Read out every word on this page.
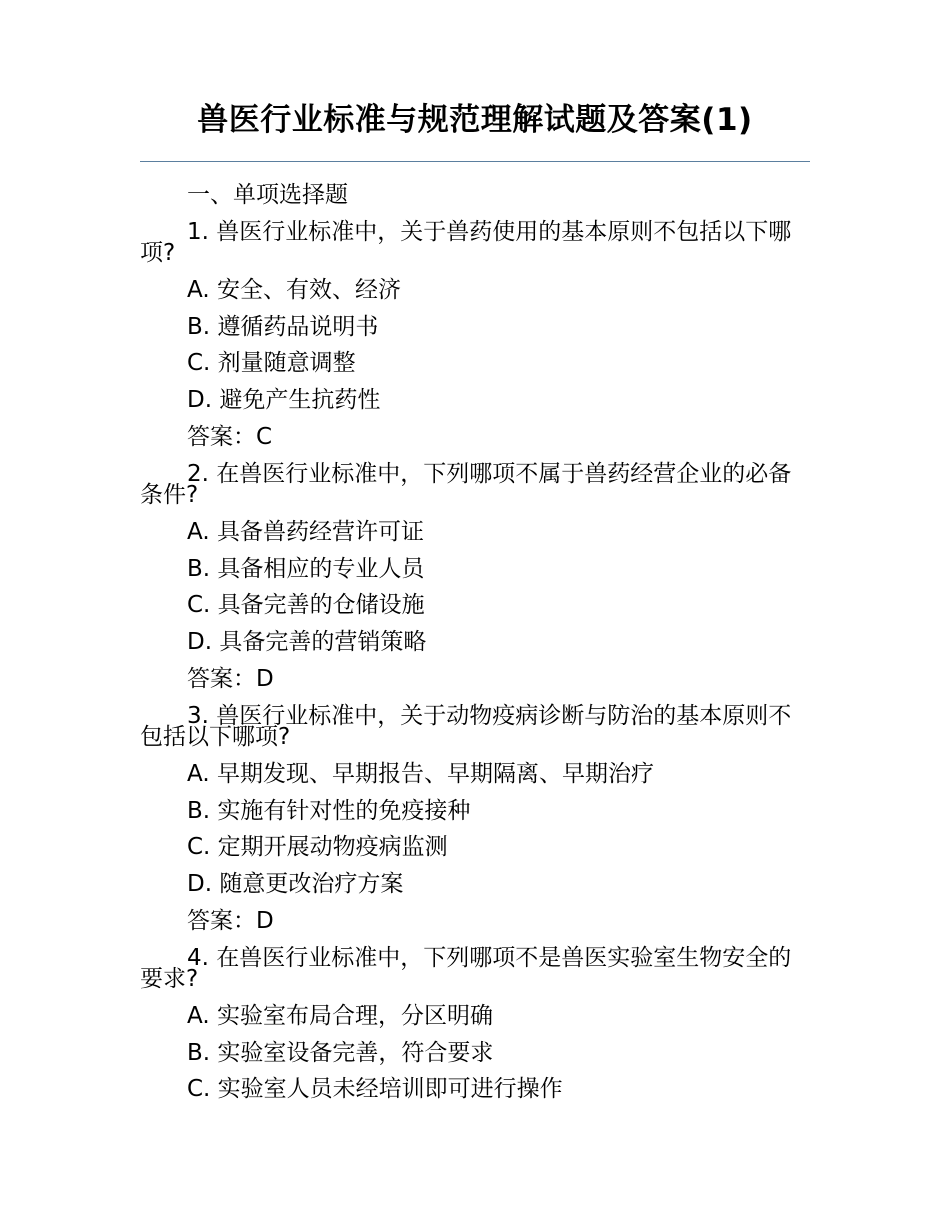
兽医行业标准与规范理解试题及答案(1)

一、单项选择题

1. 兽医行业标准中，关于兽药使用的基本原则不包括以下哪项?

A. 安全、有效、经济

B. 遵循药品说明书

C. 剂量随意调整

D. 避免产生抗药性

答案：C

2. 在兽医行业标准中，下列哪项不属于兽药经营企业的必备条件?

A. 具备兽药经营许可证

B. 具备相应的专业人员

C. 具备完善的仓储设施

D. 具备完善的营销策略

答案：D

3. 兽医行业标准中，关于动物疫病诊断与防治的基本原则不包括以下哪项?

A. 早期发现、早期报告、早期隔离、早期治疗

B. 实施有针对性的免疫接种

C. 定期开展动物疫病监测

D. 随意更改治疗方案

答案：D

4. 在兽医行业标准中，下列哪项不是兽医实验室生物安全的要求?

A. 实验室布局合理，分区明确

B. 实验室设备完善，符合要求

C. 实验室人员未经培训即可进行操作
